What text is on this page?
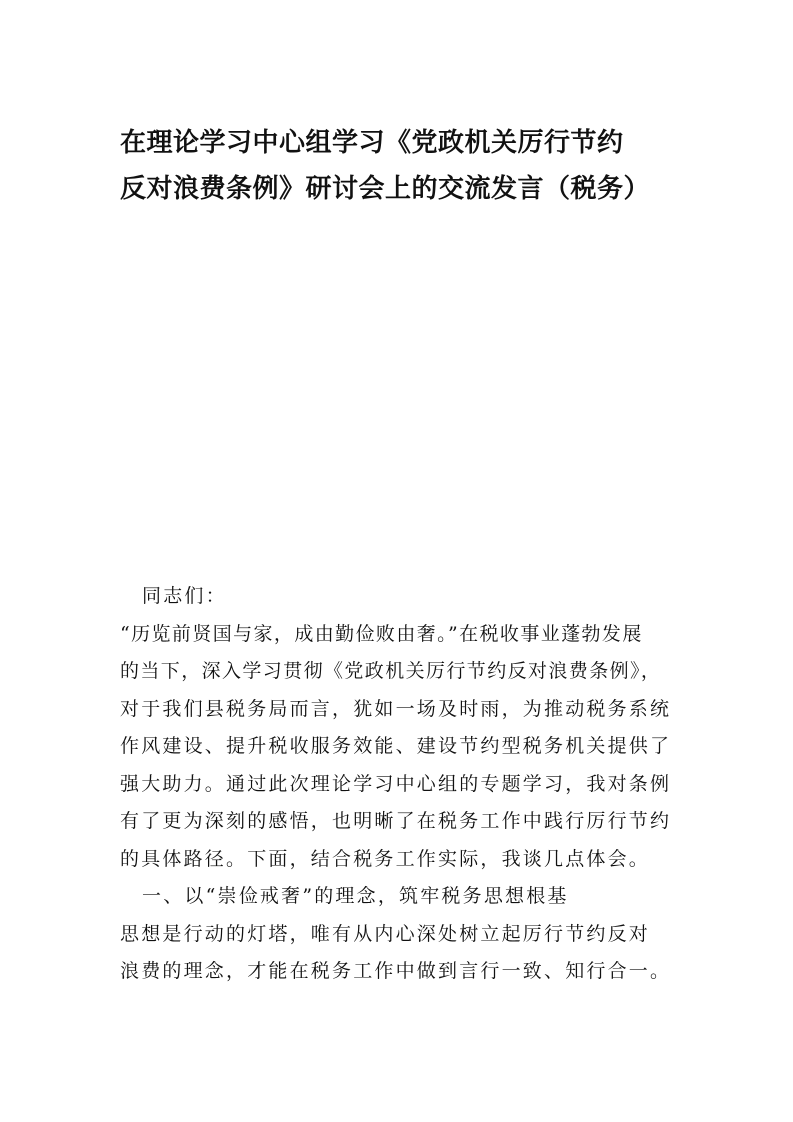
在理论学习中心组学习《党政机关厉行节约
反对浪费条例》研讨会上的交流发言（税务）
同志们：
“历览前贤国与家，成由勤俭败由奢。”在税收事业蓬勃发展
的当下，深入学习贯彻《党政机关厉行节约反对浪费条例》，
对于我们县税务局而言，犹如一场及时雨，为推动税务系统
作风建设、提升税收服务效能、建设节约型税务机关提供了
强大助力。通过此次理论学习中心组的专题学习，我对条例
有了更为深刻的感悟，也明晰了在税务工作中践行厉行节约
的具体路径。下面，结合税务工作实际，我谈几点体会。
一、以“崇俭戒奢”的理念，筑牢税务思想根基
思想是行动的灯塔，唯有从内心深处树立起厉行节约反对
浪费的理念，才能在税务工作中做到言行一致、知行合一。
